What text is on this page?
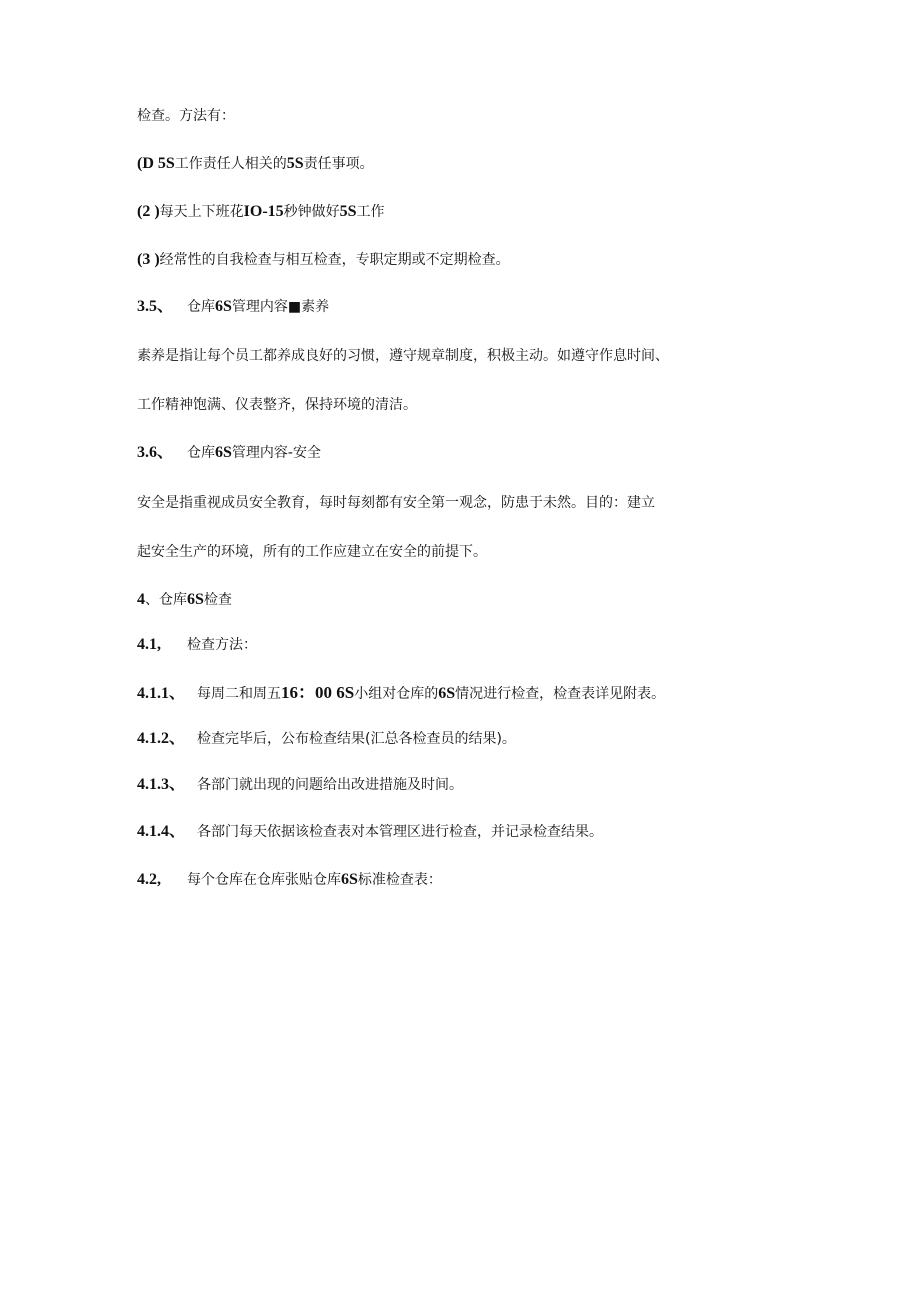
检查。方法有：
(D 5S工作责任人相关的5S责任事项。
(2 )每天上下班花IO-15秒钟做好5S工作
(3 )经常性的自我检查与相互检查，专职定期或不定期检查。
3.5、 仓库6S管理内容■素养
素养是指让每个员工都养成良好的习惯，遵守规章制度，积极主动。如遵守作息时间、
工作精神饱满、仪表整齐，保持环境的清洁。
3.6、 仓库6S管理内容-安全
安全是指重视成员安全教育，每时每刻都有安全第一观念，防患于未然。目的：建立
起安全生产的环境，所有的工作应建立在安全的前提下。
4、仓库6S检查
4.1, 检查方法：
4.1.1、 每周二和周五16：00 6S小组对仓库的6S情况进行检查，检查表详见附表。
4.1.2、 检查完毕后，公布检查结果(汇总各检查员的结果)。
4.1.3、 各部门就出现的问题给出改进措施及时间。
4.1.4、 各部门每天依据该检查表对本管理区进行检查，并记录检查结果。
4.2, 每个仓库在仓库张贴仓库6S标准检查表：
